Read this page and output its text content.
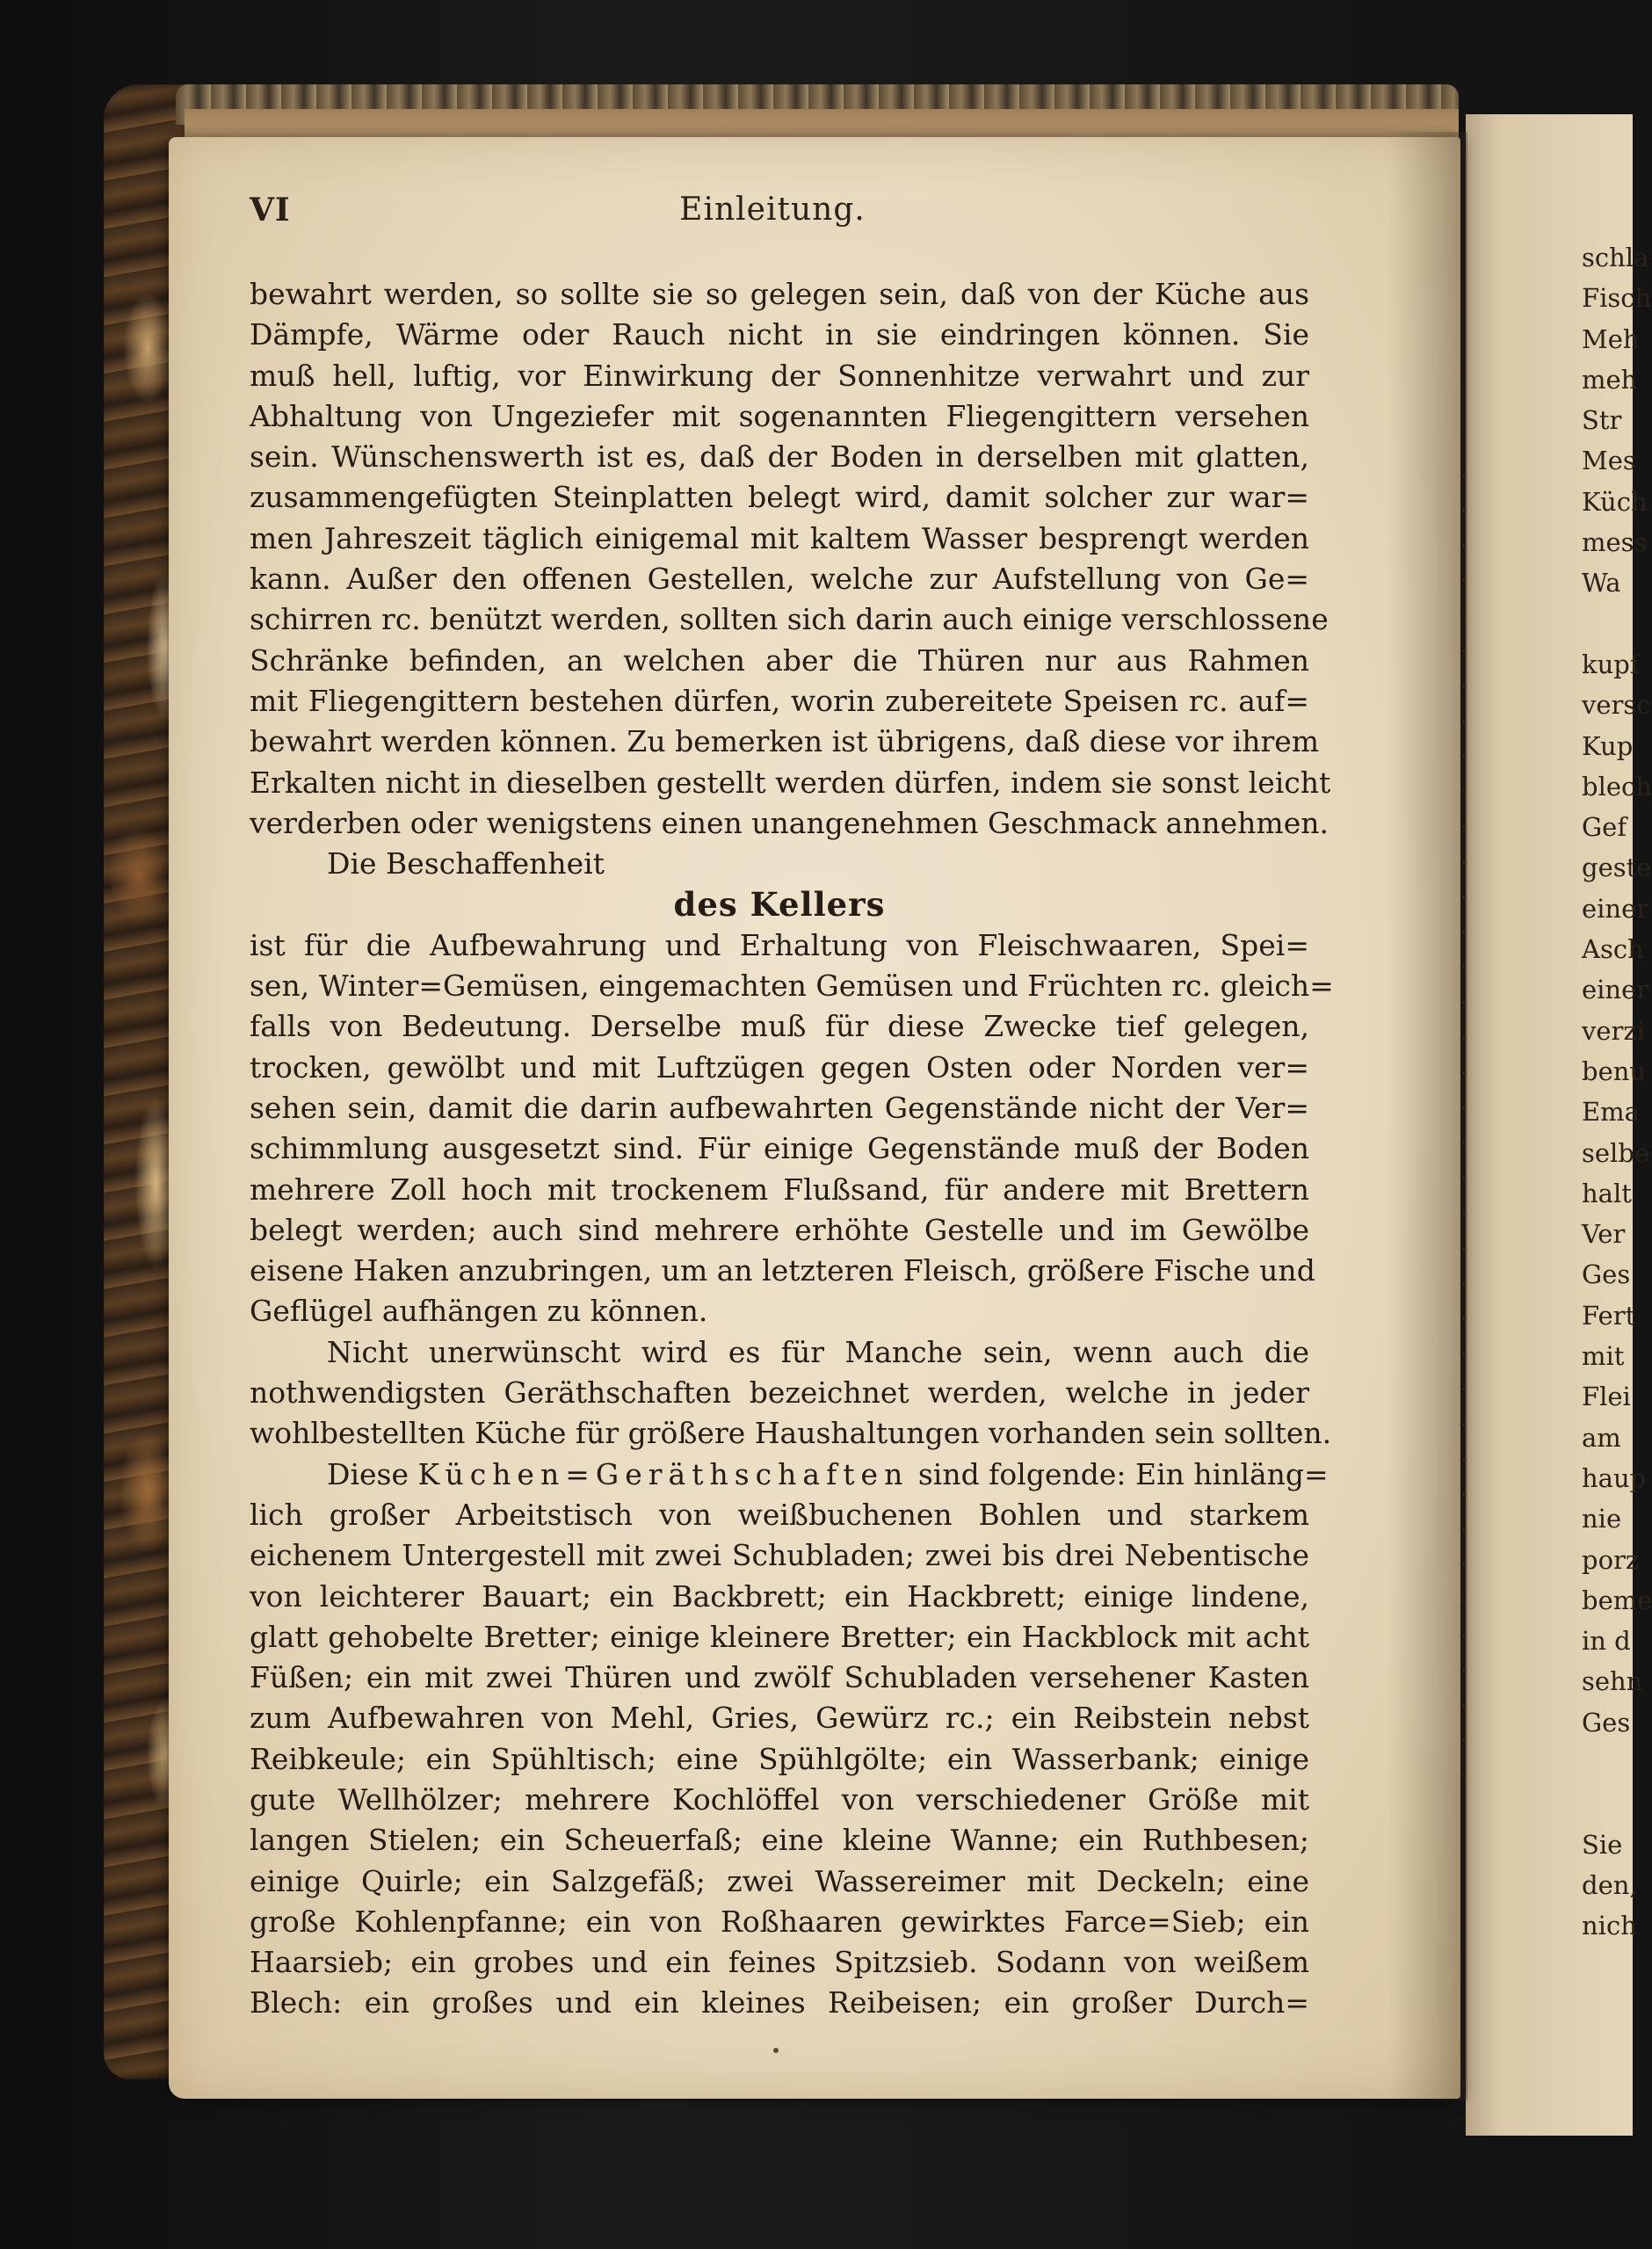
schla
Fisch
Meh
meh
Str
Mes
Küch
mess
Wa
kupf
versc
Kup
blech
Gef
geste
einer
Asch
einer
verzi
benu
Ema
selbe
halt
Ver
Ges
Fert
mit
Flei
am
haup
nie
porz
beme
in d
sehn
Ges
Sie
den,
nich
VI	Einleitung.
bewahrt werden, so sollte sie so gelegen sein, daß von der Küche aus
Dämpfe, Wärme oder Rauch nicht in sie eindringen können. Sie
muß hell, luftig, vor Einwirkung der Sonnenhitze verwahrt und zur
Abhaltung von Ungeziefer mit sogenannten Fliegengittern versehen
sein. Wünschenswerth ist es, daß der Boden in derselben mit glatten,
zusammengefügten Steinplatten belegt wird, damit solcher zur war=
men Jahreszeit täglich einigemal mit kaltem Wasser besprengt werden
kann. Außer den offenen Gestellen, welche zur Aufstellung von Ge=
schirren rc. benützt werden, sollten sich darin auch einige verschlossene
Schränke befinden, an welchen aber die Thüren nur aus Rahmen
mit Fliegengittern bestehen dürfen, worin zubereitete Speisen rc. auf=
bewahrt werden können. Zu bemerken ist übrigens, daß diese vor ihrem
Erkalten nicht in dieselben gestellt werden dürfen, indem sie sonst leicht
verderben oder wenigstens einen unangenehmen Geschmack annehmen.
Die Beschaffenheit
des Kellers
ist für die Aufbewahrung und Erhaltung von Fleischwaaren, Spei=
sen, Winter=Gemüsen, eingemachten Gemüsen und Früchten rc. gleich=
falls von Bedeutung. Derselbe muß für diese Zwecke tief gelegen,
trocken, gewölbt und mit Luftzügen gegen Osten oder Norden ver=
sehen sein, damit die darin aufbewahrten Gegenstände nicht der Ver=
schimmlung ausgesetzt sind. Für einige Gegenstände muß der Boden
mehrere Zoll hoch mit trockenem Flußsand, für andere mit Brettern
belegt werden; auch sind mehrere erhöhte Gestelle und im Gewölbe
eisene Haken anzubringen, um an letzteren Fleisch, größere Fische und
Geflügel aufhängen zu können.
Nicht unerwünscht wird es für Manche sein, wenn auch die
nothwendigsten Geräthschaften bezeichnet werden, welche in jeder
wohlbestellten Küche für größere Haushaltungen vorhanden sein sollten.
Diese Küchen=Geräthschaften sind folgende: Ein hinläng=
lich großer Arbeitstisch von weißbuchenen Bohlen und starkem
eichenem Untergestell mit zwei Schubladen; zwei bis drei Nebentische
von leichterer Bauart; ein Backbrett; ein Hackbrett; einige lindene,
glatt gehobelte Bretter; einige kleinere Bretter; ein Hackblock mit acht
Füßen; ein mit zwei Thüren und zwölf Schubladen versehener Kasten
zum Aufbewahren von Mehl, Gries, Gewürz rc.; ein Reibstein nebst
Reibkeule; ein Spühltisch; eine Spühlgölte; ein Wasserbank; einige
gute Wellhölzer; mehrere Kochlöffel von verschiedener Größe mit
langen Stielen; ein Scheuerfaß; eine kleine Wanne; ein Ruthbesen;
einige Quirle; ein Salzgefäß; zwei Wassereimer mit Deckeln; eine
große Kohlenpfanne; ein von Roßhaaren gewirktes Farce=Sieb; ein
Haarsieb; ein grobes und ein feines Spitzsieb. Sodann von weißem
Blech: ein großes und ein kleines Reibeisen; ein großer Durch=
